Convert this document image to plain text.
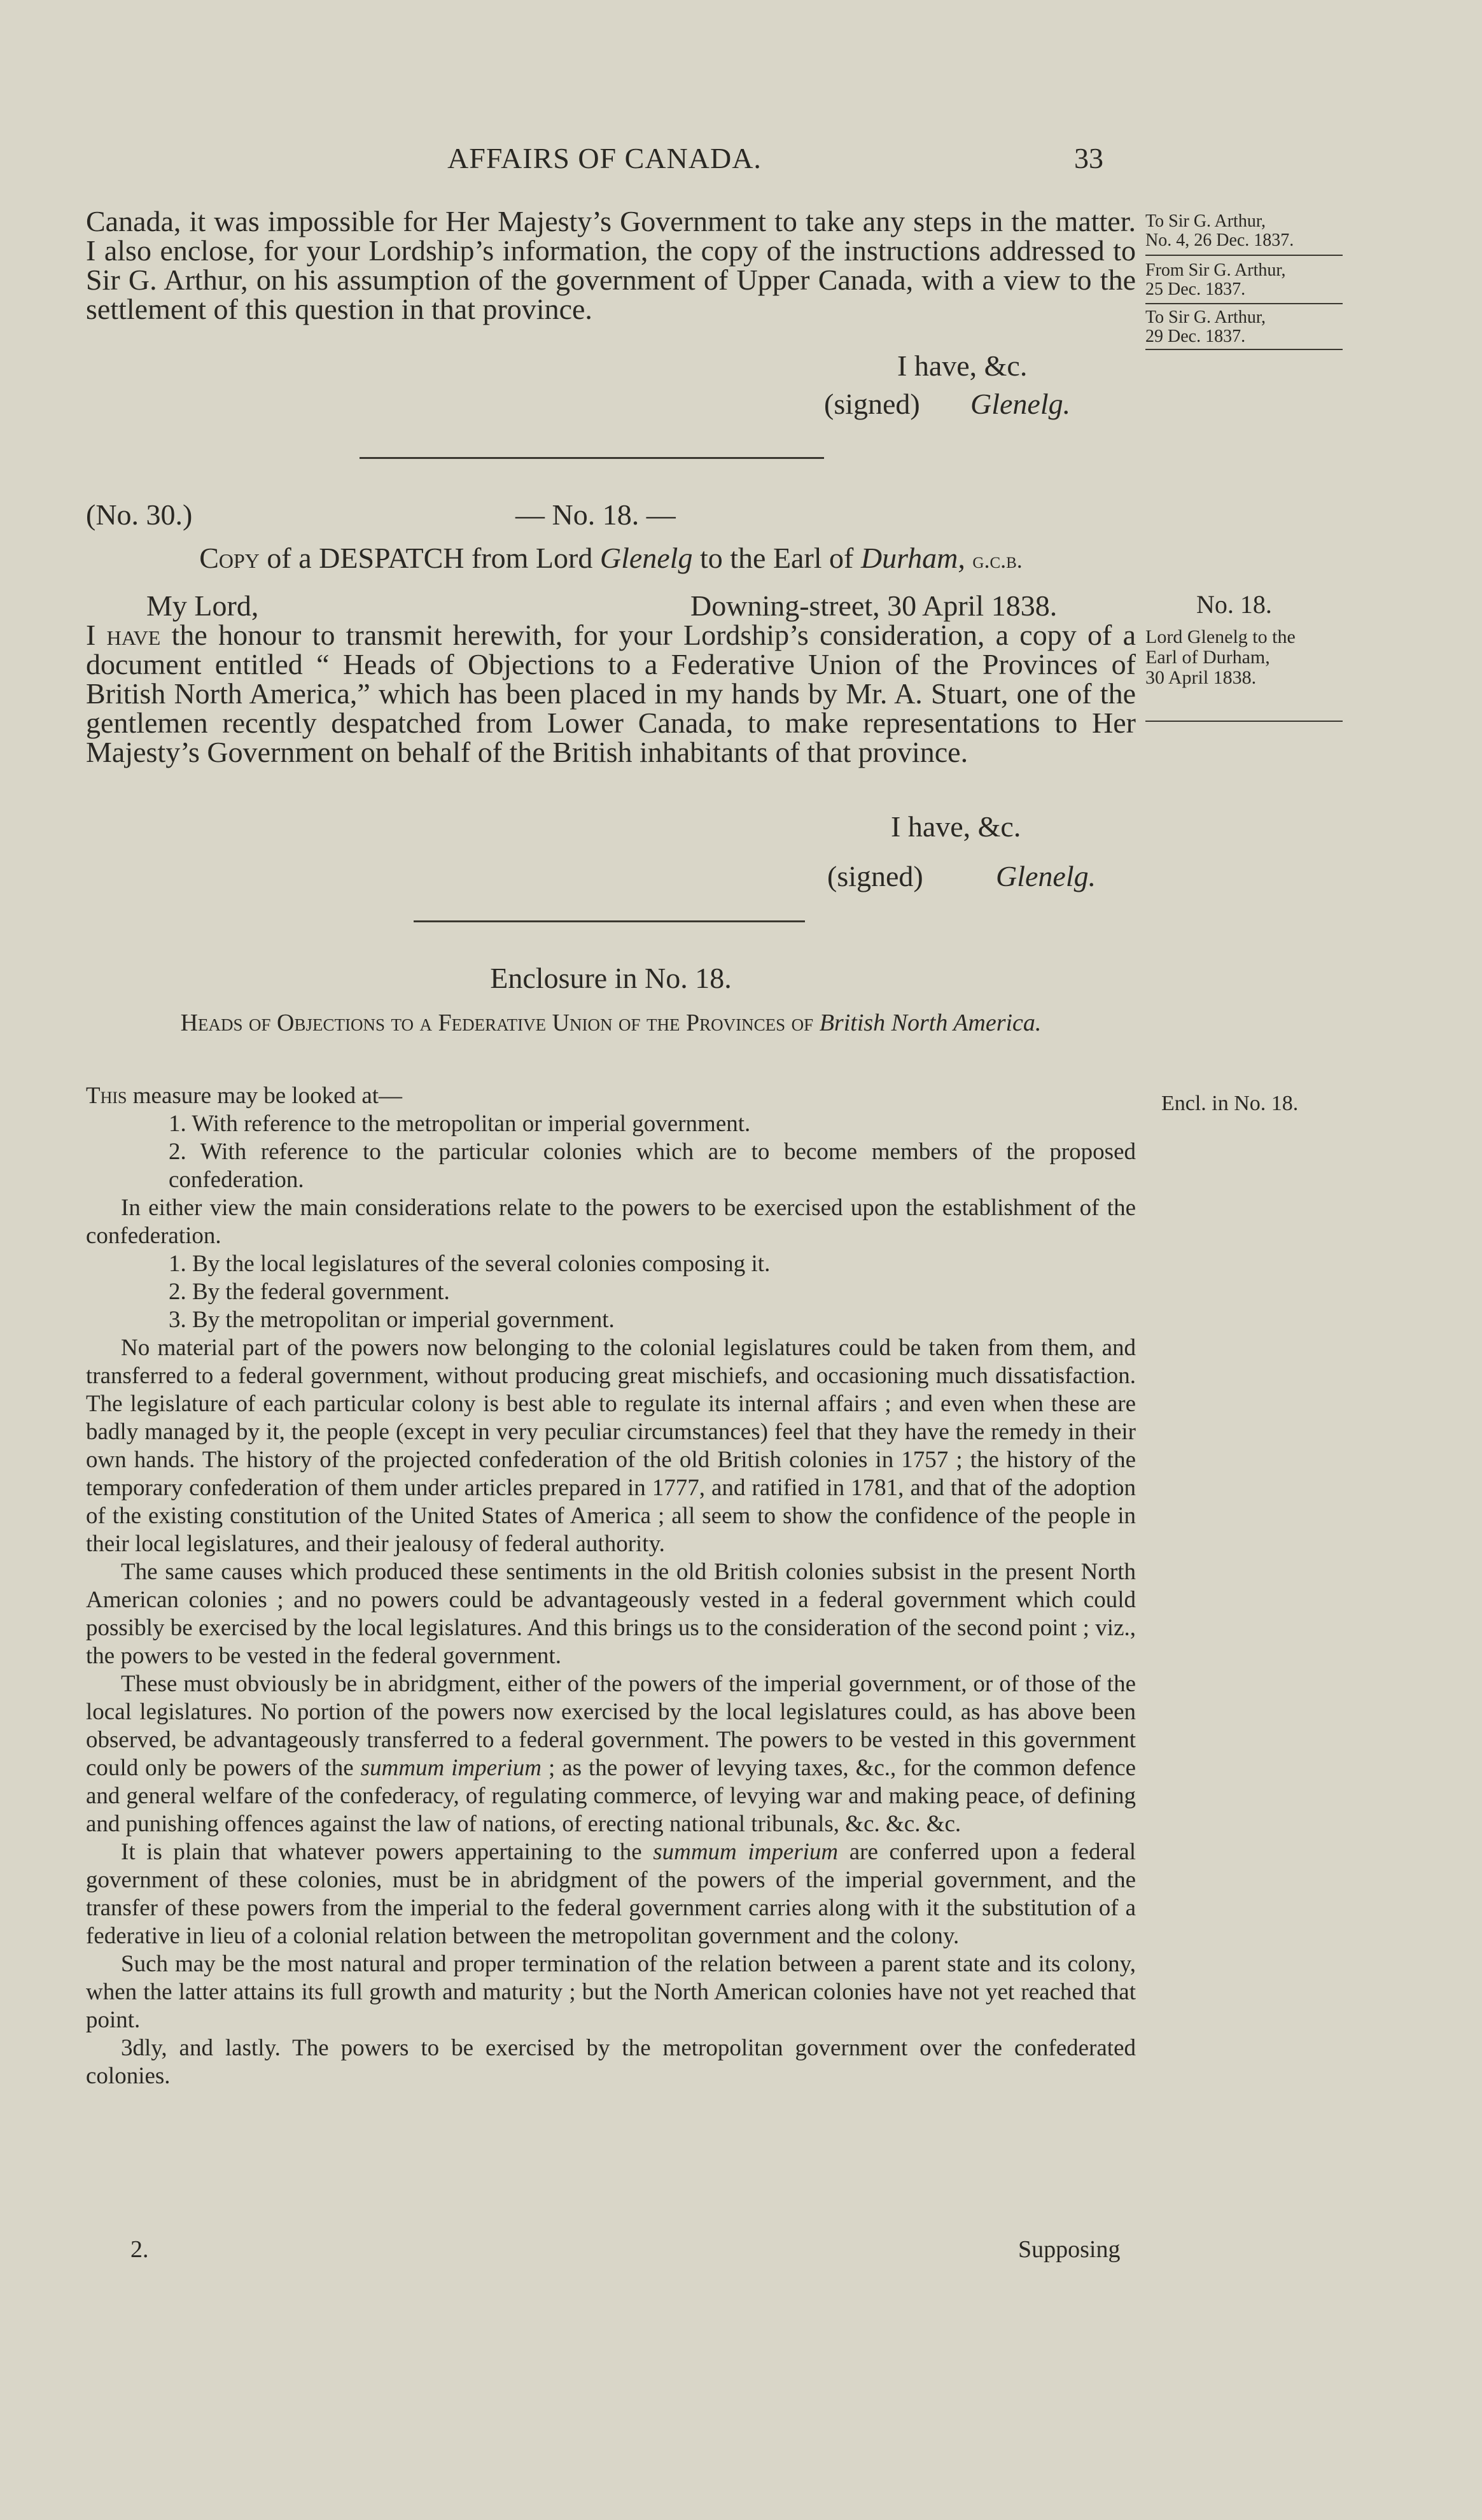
AFFAIRS OF CANADA.	33

Canada, it was impossible for Her Majesty’s Government to take any steps in the matter. I also enclose, for your Lordship’s information, the copy of the instructions addressed to Sir G. Arthur, on his assumption of the government of Upper Canada, with a view to the settlement of this question in that province.

I have, &c.
(signed) Glenelg.
To Sir G. Arthur,
No. 4, 26 Dec. 1837.
From Sir G. Arthur,
25 Dec. 1837.
To Sir G. Arthur,
29 Dec. 1837.
(No. 30.)	— No. 18. —
Copy of a DESPATCH from Lord Glenelg to the Earl of Durham, g.c.b.
My Lord,	Downing-street, 30 April 1838.

I have the honour to transmit herewith, for your Lordship’s consideration, a copy of a document entitled “ Heads of Objections to a Federative Union of the Provinces of British North America,” which has been placed in my hands by Mr. A. Stuart, one of the gentlemen recently despatched from Lower Canada, to make representations to Her Majesty’s Government on behalf of the British inhabitants of that province.

I have, &c.
(signed) Glenelg.
No. 18.
Lord Glenelg to the
Earl of Durham,
30 April 1838.
Enclosure in No. 18.
Heads of Objections to a Federative Union of the Provinces of British North America.
Encl. in No. 18.

This measure may be looked at—

1. With reference to the metropolitan or imperial government.

2. With reference to the particular colonies which are to become members of the proposed confederation.

In either view the main considerations relate to the powers to be exercised upon the establishment of the confederation.

1. By the local legislatures of the several colonies composing it.

2. By the federal government.

3. By the metropolitan or imperial government.

No material part of the powers now belonging to the colonial legislatures could be taken from them, and transferred to a federal government, without producing great mischiefs, and occasioning much dissatisfaction. The legislature of each particular colony is best able to regulate its internal affairs ; and even when these are badly managed by it, the people (except in very peculiar circumstances) feel that they have the remedy in their own hands. The history of the projected confederation of the old British colonies in 1757 ; the history of the temporary confederation of them under articles prepared in 1777, and ratified in 1781, and that of the adoption of the existing constitution of the United States of America ; all seem to show the confidence of the people in their local legislatures, and their jealousy of federal authority.

The same causes which produced these sentiments in the old British colonies subsist in the present North American colonies ; and no powers could be advantageously vested in a federal government which could possibly be exercised by the local legislatures. And this brings us to the consideration of the second point ; viz., the powers to be vested in the federal government.

These must obviously be in abridgment, either of the powers of the imperial government, or of those of the local legislatures. No portion of the powers now exercised by the local legislatures could, as has above been observed, be advantageously transferred to a federal government. The powers to be vested in this government could only be powers of the summum imperium ; as the power of levying taxes, &c., for the common defence and general welfare of the confederacy, of regulating commerce, of levying war and making peace, of defining and punishing offences against the law of nations, of erecting national tribunals, &c. &c. &c.

It is plain that whatever powers appertaining to the summum imperium are conferred upon a federal government of these colonies, must be in abridgment of the powers of the imperial government, and the transfer of these powers from the imperial to the federal government carries along with it the substitution of a federative in lieu of a colonial relation between the metropolitan government and the colony.

Such may be the most natural and proper termination of the relation between a parent state and its colony, when the latter attains its full growth and maturity ; but the North American colonies have not yet reached that point.

3dly, and lastly. The powers to be exercised by the metropolitan government over the confederated colonies.

2.	Supposing
